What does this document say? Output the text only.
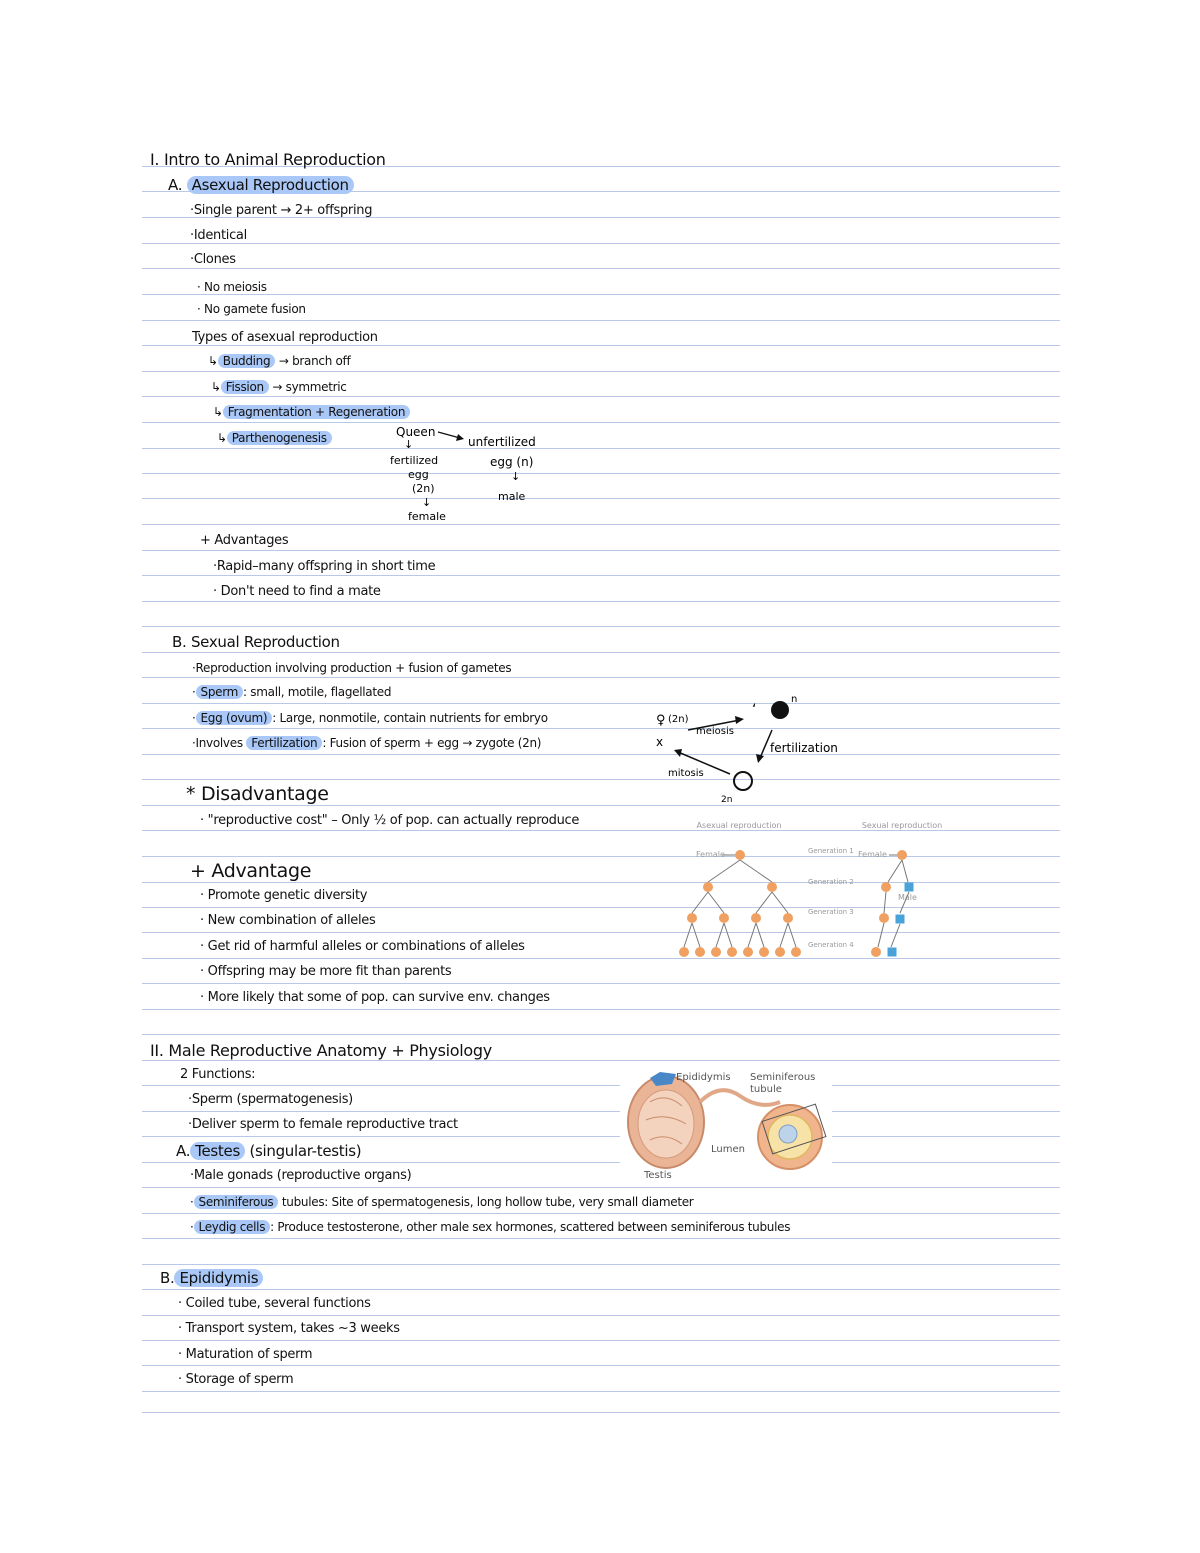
I. Intro to Animal Reproduction
A. Asexual Reproduction
·Single parent → 2+ offspring
·Identical
·Clones
· No meiosis
· No gamete fusion
Types of asexual reproduction
↳ Budding → branch off
↳ Fission → symmetric
↳ Fragmentation + Regeneration
↳ Parthenogenesis	Queen
unfertilized
egg (n)
↓
male
↓
fertilized
egg
(2n)
↓
female
+ Advantages
·Rapid–many offspring in short time
· Don't need to find a mate
B. Sexual Reproduction
·Reproduction involving production + fusion of gametes
· Sperm : small, motile, flagellated
· Egg (ovum) : Large, nonmotile, contain nutrients for embryo
·Involves Fertilization : Fusion of sperm + egg → zygote (2n)
♀
x
(2n)
meiosis
‘
n
fertilization
2n
mitosis
* Disadvantage
· "reproductive cost" – Only ½ of pop. can actually reproduce
+ Advantage
· Promote genetic diversity
· New combination of alleles
· Get rid of harmful alleles or combinations of alleles
· Offspring may be more fit than parents
· More likely that some of pop. can survive env. changes
Asexual reproduction	Sexual reproduction
Female	Female
Male
Generation 1
Generation 2
Generation 3
Generation 4
II. Male Reproductive Anatomy + Physiology
2 Functions:
·Sperm (spermatogenesis)
·Deliver sperm to female reproductive tract
A. Testes (singular-testis)
·Male gonads (reproductive organs)
· Seminiferous tubules: Site of spermatogenesis, long hollow tube, very small diameter
· Leydig cells : Produce testosterone, other male sex hormones, scattered between seminiferous tubules
Epididymis Seminiferous tubule
Lumen
Testis
B. Epididymis
· Coiled tube, several functions
· Transport system, takes ~3 weeks
· Maturation of sperm
· Storage of sperm
